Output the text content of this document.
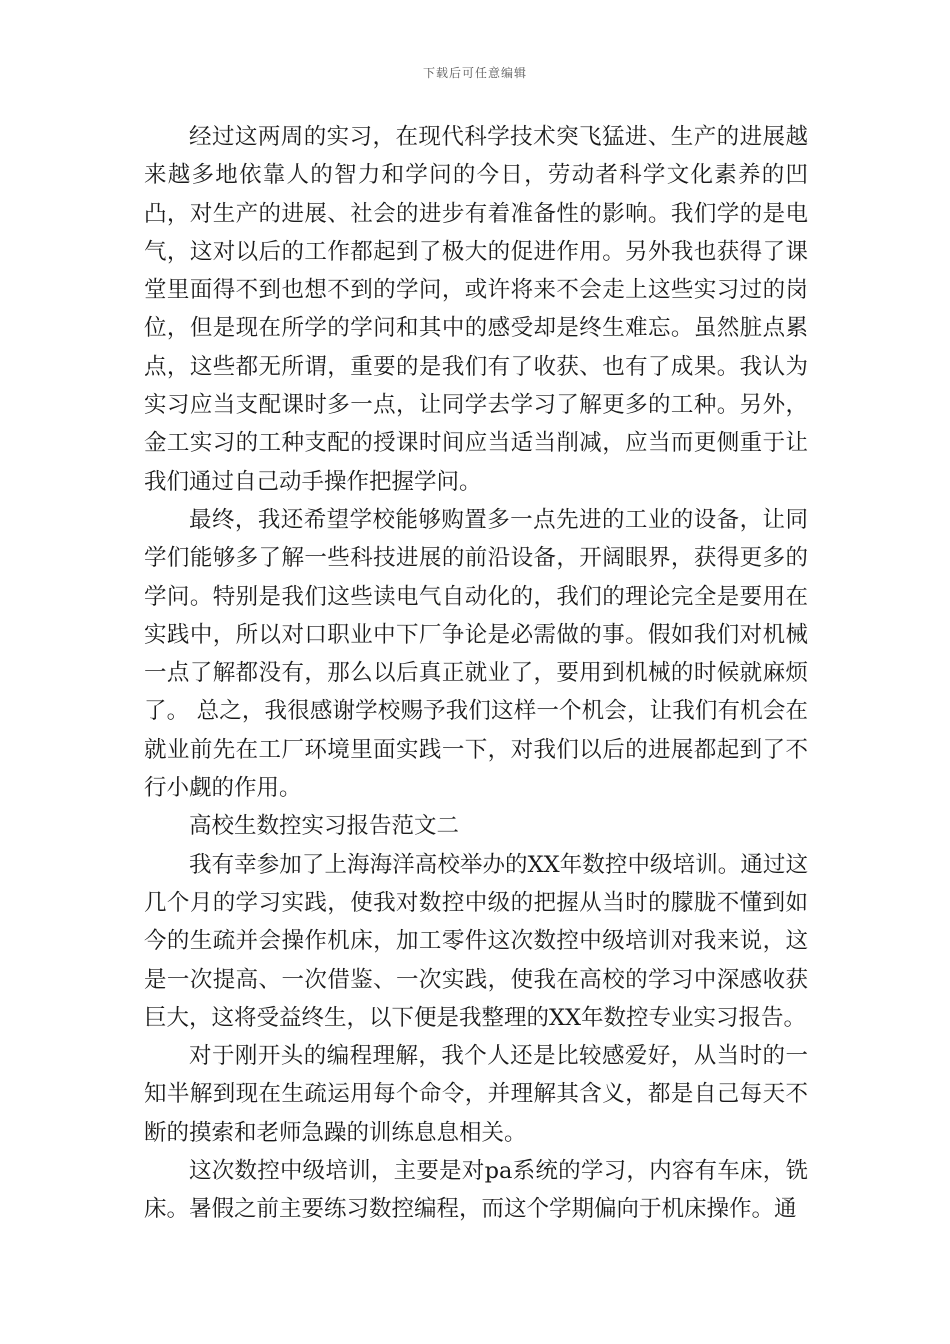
下载后可任意编辑

经过这两周的实习，在现代科学技术突飞猛进、生产的进展越来越多地依靠人的智力和学问的今日，劳动者科学文化素养的凹凸，对生产的进展、社会的进步有着准备性的影响。我们学的是电气，这对以后的工作都起到了极大的促进作用。另外我也获得了课堂里面得不到也想不到的学问，或许将来不会走上这些实习过的岗位，但是现在所学的学问和其中的感受却是终生难忘。虽然脏点累点，这些都无所谓，重要的是我们有了收获、也有了成果。我认为实习应当支配课时多一点，让同学去学习了解更多的工种。另外，金工实习的工种支配的授课时间应当适当削减，应当而更侧重于让我们通过自己动手操作把握学问。

最终，我还希望学校能够购置多一点先进的工业的设备，让同学们能够多了解一些科技进展的前沿设备，开阔眼界，获得更多的学问。特别是我们这些读电气自动化的，我们的理论完全是要用在实践中，所以对口职业中下厂争论是必需做的事。假如我们对机械一点了解都没有，那么以后真正就业了，要用到机械的时候就麻烦了。 总之，我很感谢学校赐予我们这样一个机会，让我们有机会在就业前先在工厂环境里面实践一下，对我们以后的进展都起到了不行小觑的作用。

高校生数控实习报告范文二

我有幸参加了上海海洋高校举办的XX年数控中级培训。通过这几个月的学习实践，使我对数控中级的把握从当时的朦胧不懂到如今的生疏并会操作机床，加工零件这次数控中级培训对我来说，这是一次提高、一次借鉴、一次实践，使我在高校的学习中深感收获巨大，这将受益终生，以下便是我整理的XX年数控专业实习报告。

对于刚开头的编程理解，我个人还是比较感爱好，从当时的一知半解到现在生疏运用每个命令，并理解其含义，都是自己每天不断的摸索和老师急躁的训练息息相关。

这次数控中级培训，主要是对pa系统的学习，内容有车床，铣床。暑假之前主要练习数控编程，而这个学期偏向于机床操作。通
